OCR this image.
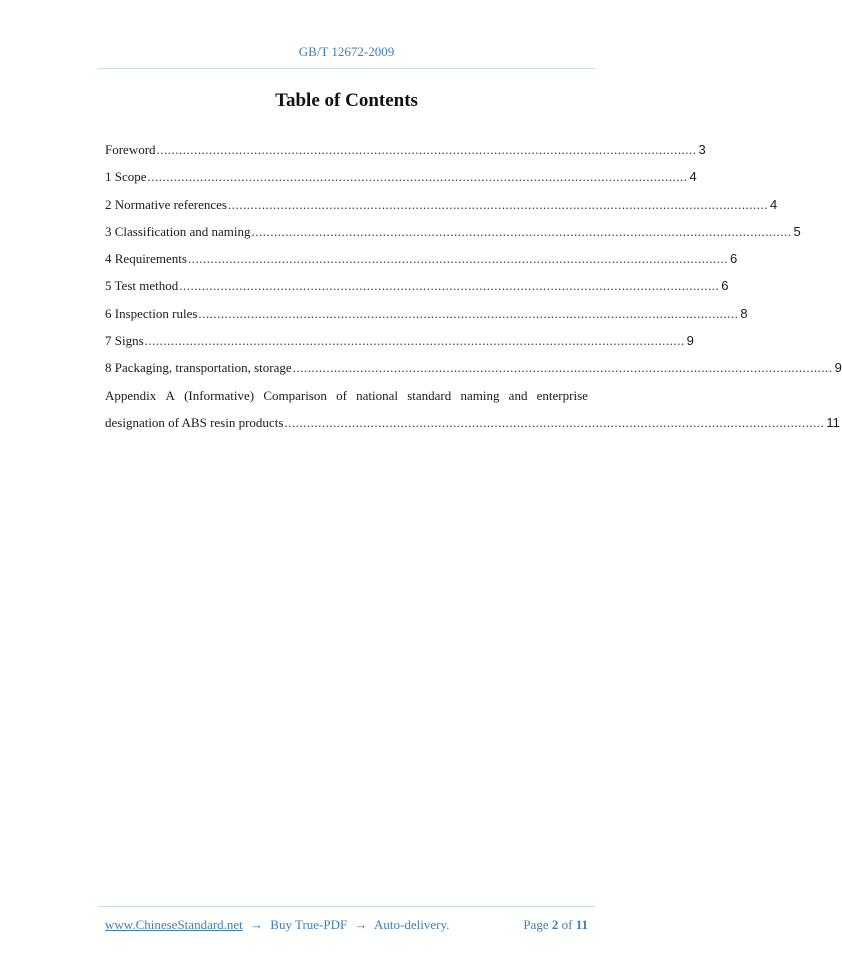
GB/T 12672-2009
Table of Contents
Foreword ................................................................................................................................................ 3
1 Scope ................................................................................................................................................ 4
2 Normative references ................................................................................................................................................ 4
3 Classification and naming ................................................................................................................................................ 5
4 Requirements ................................................................................................................................................ 6
5 Test method ................................................................................................................................................ 6
6 Inspection rules ................................................................................................................................................ 8
7 Signs ................................................................................................................................................ 9
8 Packaging, transportation, storage ................................................................................................................................................ 9
Appendix A (Informative) Comparison of national standard naming and enterprise
designation of ABS resin products ................................................................................................................................................ 11
www.ChineseStandard.net → Buy True-PDF → Auto-delivery.	Page 2 of 11
